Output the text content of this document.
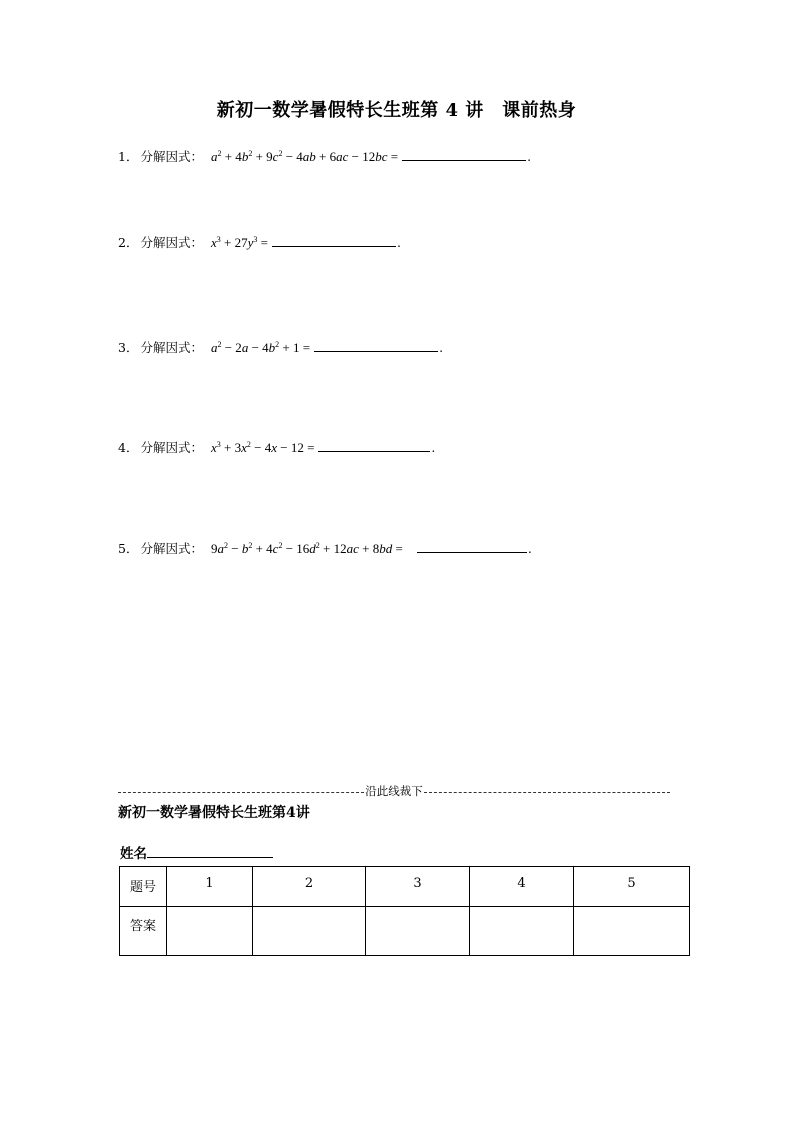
新初一数学暑假特长生班第 4 讲　课前热身
1． 分解因式： $a^2 + 4b^2 + 9c^2 - 4ab + 6ac - 12bc$ =	.
2． 分解因式： $x^3 + 27y^3$ =	.
3． 分解因式： $a^2 - 2a - 4b^2 + 1$ =	.
4． 分解因式： $x^3 + 3x^2 - 4x - 12$ =	.
5． 分解因式： $9a^2 - b^2 + 4c^2 - 16d^2 + 12ac + 8bd$ =	.
沿此线裁下
新初一数学暑假特长生班第4讲
姓名
题号	1	2	3	4	5
答案					
